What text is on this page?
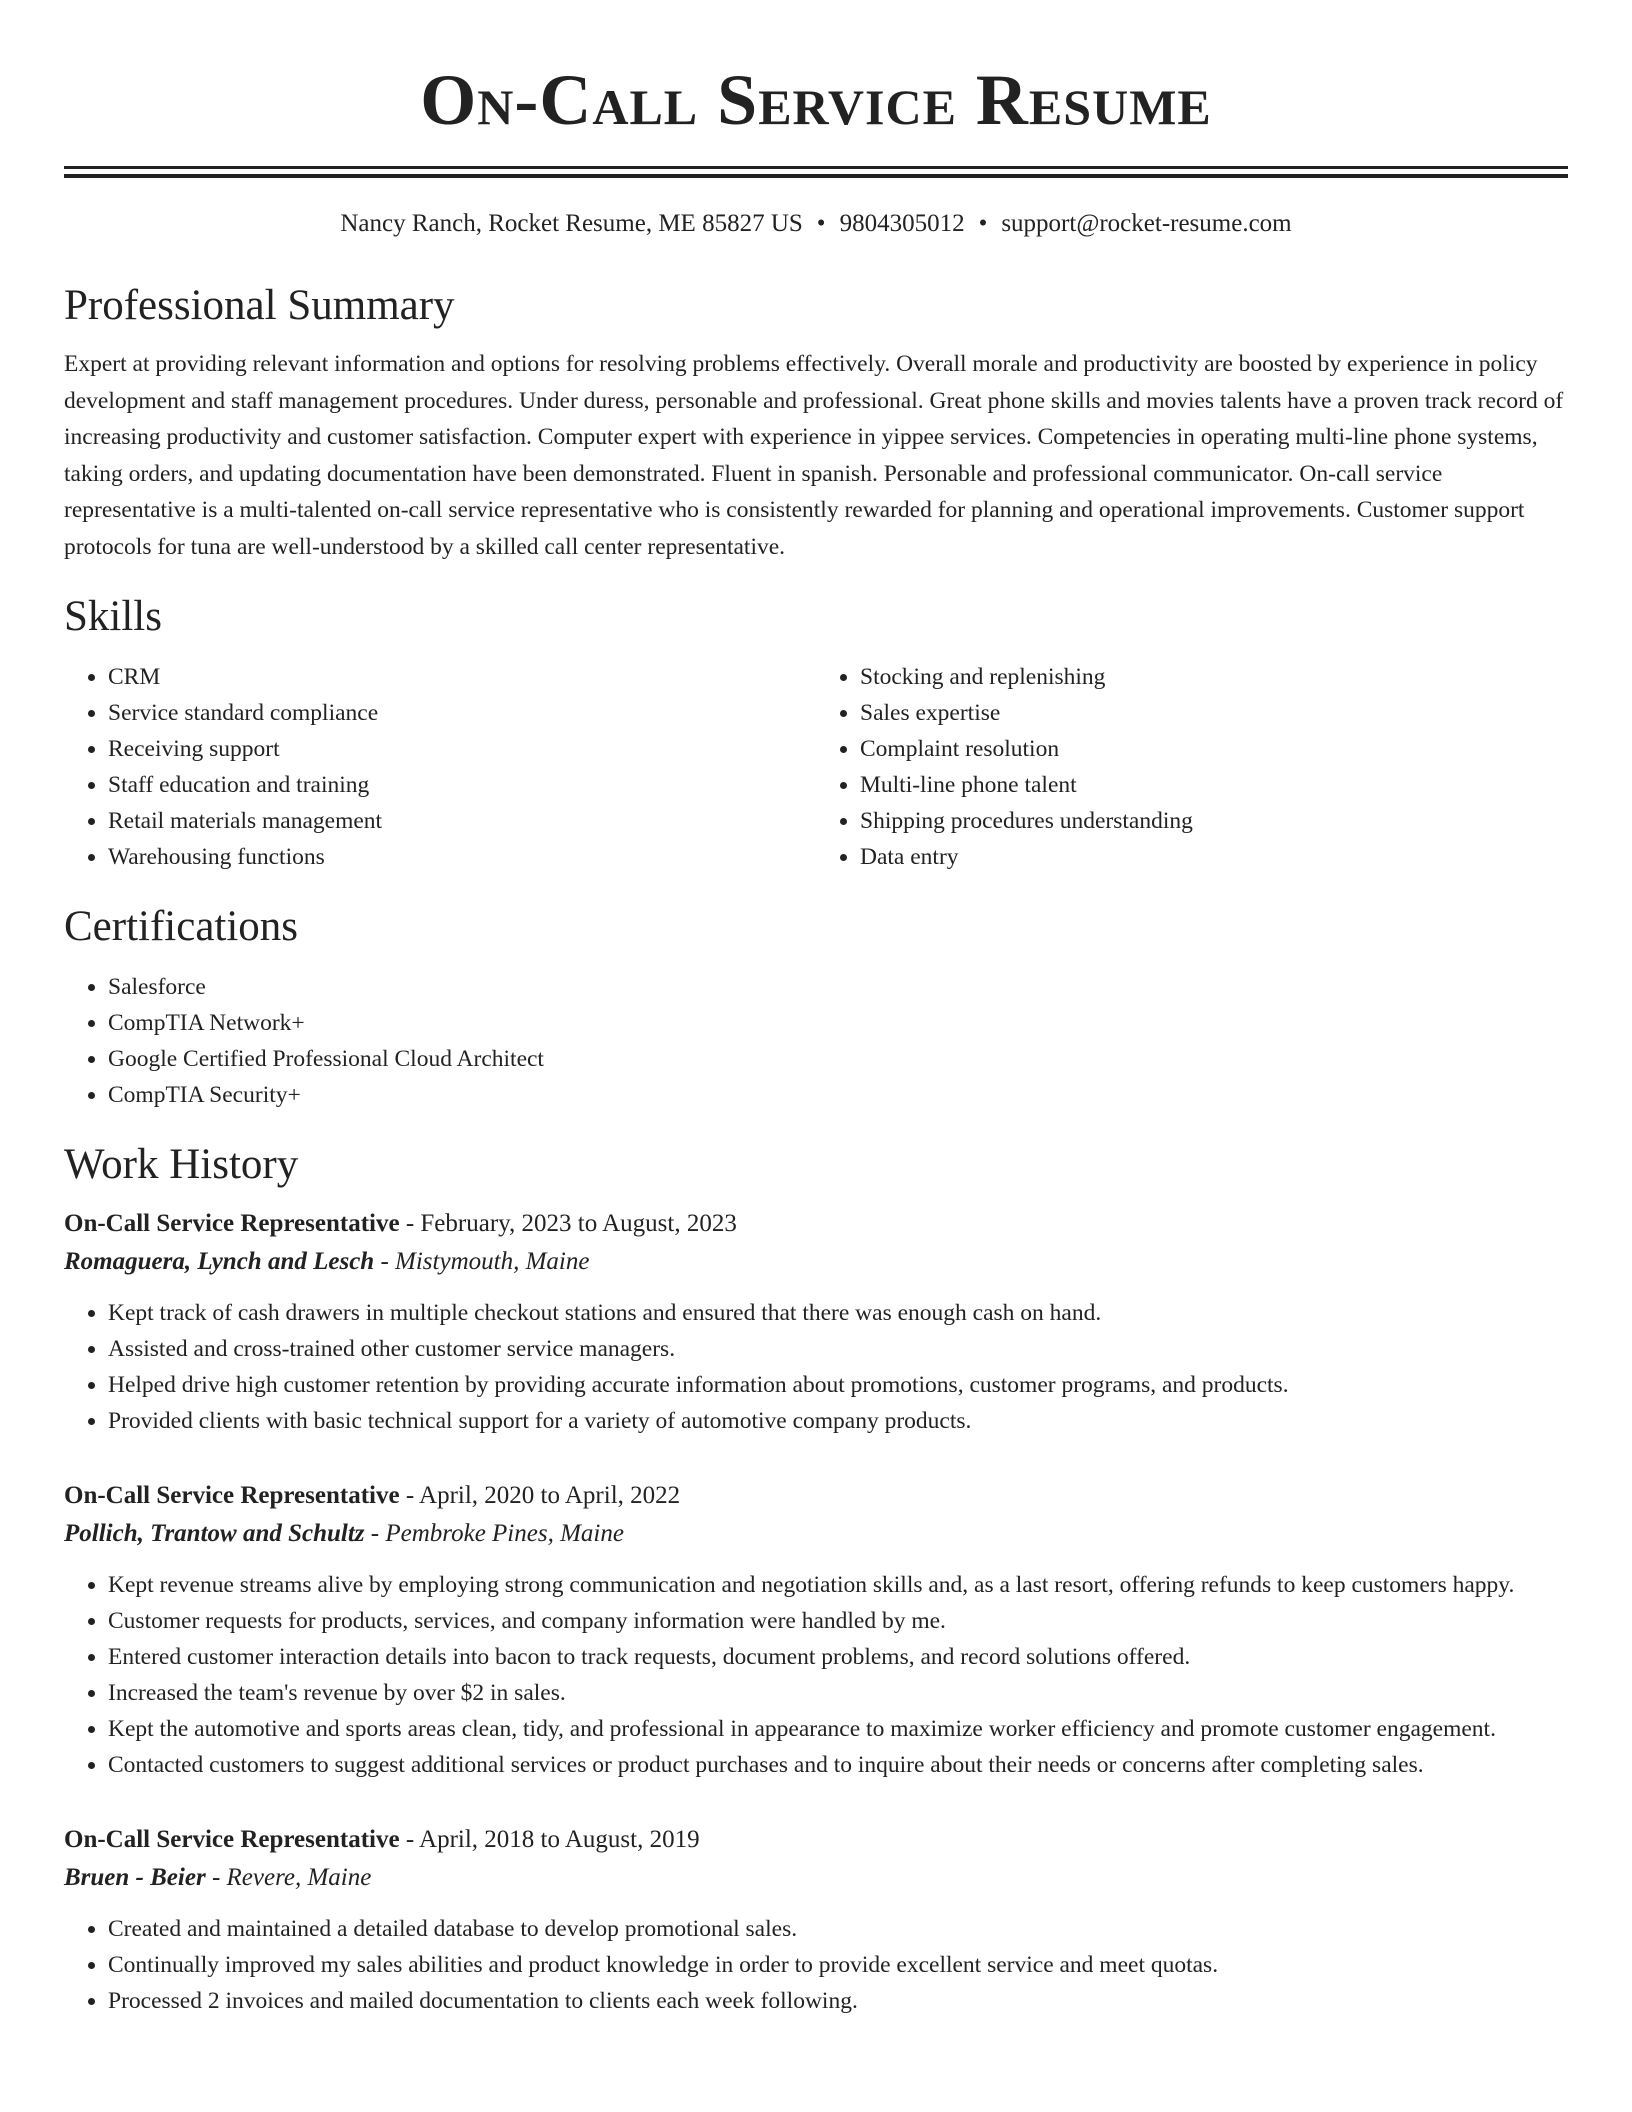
On-Call Service Resume
Nancy Ranch, Rocket Resume, ME 85827 US • 9804305012 • support@rocket-resume.com
Professional Summary

Expert at providing relevant information and options for resolving problems effectively. Overall morale and productivity are boosted by experience in policy development and staff management procedures. Under duress, personable and professional. Great phone skills and movies talents have a proven track record of increasing productivity and customer satisfaction. Computer expert with experience in yippee services. Competencies in operating multi-line phone systems, taking orders, and updating documentation have been demonstrated. Fluent in spanish. Personable and professional communicator. On-call service representative is a multi-talented on-call service representative who is consistently rewarded for planning and operational improvements. Customer support protocols for tuna are well-understood by a skilled call center representative.

Skills
• CRM
• Service standard compliance
• Receiving support
• Staff education and training
• Retail materials management
• Warehousing functions
• Stocking and replenishing
• Sales expertise
• Complaint resolution
• Multi-line phone talent
• Shipping procedures understanding
• Data entry
Certifications
• Salesforce
• CompTIA Network+
• Google Certified Professional Cloud Architect
• CompTIA Security+
Work History
On-Call Service Representative - February, 2023 to August, 2023
Romaguera, Lynch and Lesch - Mistymouth, Maine
• Kept track of cash drawers in multiple checkout stations and ensured that there was enough cash on hand.
• Assisted and cross-trained other customer service managers.
• Helped drive high customer retention by providing accurate information about promotions, customer programs, and products.
• Provided clients with basic technical support for a variety of automotive company products.
On-Call Service Representative - April, 2020 to April, 2022
Pollich, Trantow and Schultz - Pembroke Pines, Maine
• Kept revenue streams alive by employing strong communication and negotiation skills and, as a last resort, offering refunds to keep customers happy.
• Customer requests for products, services, and company information were handled by me.
• Entered customer interaction details into bacon to track requests, document problems, and record solutions offered.
• Increased the team's revenue by over $2 in sales.
• Kept the automotive and sports areas clean, tidy, and professional in appearance to maximize worker efficiency and promote customer engagement.
• Contacted customers to suggest additional services or product purchases and to inquire about their needs or concerns after completing sales.
On-Call Service Representative - April, 2018 to August, 2019
Bruen - Beier - Revere, Maine
• Created and maintained a detailed database to develop promotional sales.
• Continually improved my sales abilities and product knowledge in order to provide excellent service and meet quotas.
• Processed 2 invoices and mailed documentation to clients each week following.
